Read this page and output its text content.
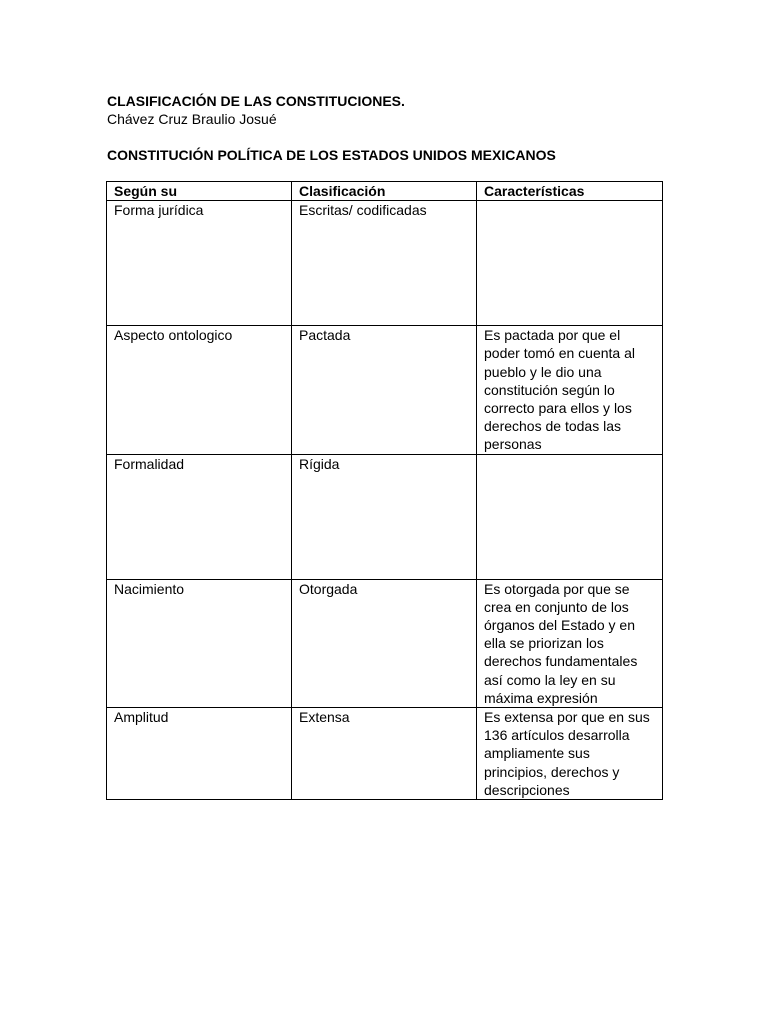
CLASIFICACIÓN DE LAS CONSTITUCIONES.
Chávez Cruz Braulio Josué
CONSTITUCIÓN POLÍTICA DE LOS ESTADOS UNIDOS MEXICANOS
Según su	Clasificación	Características
Forma jurídica	Escritas/ codificadas	
Aspecto ontologico	Pactada	Es pactada por que el poder tomó en cuenta al pueblo y le dio una constitución según lo correcto para ellos y los derechos de todas las personas
Formalidad	Rígida	
Nacimiento	Otorgada	Es otorgada por que se crea en conjunto de los órganos del Estado y en ella se priorizan los derechos fundamentales así como la ley en su máxima expresión
Amplitud	Extensa	Es extensa por que en sus 136 artículos desarrolla ampliamente sus principios, derechos y descripciones
